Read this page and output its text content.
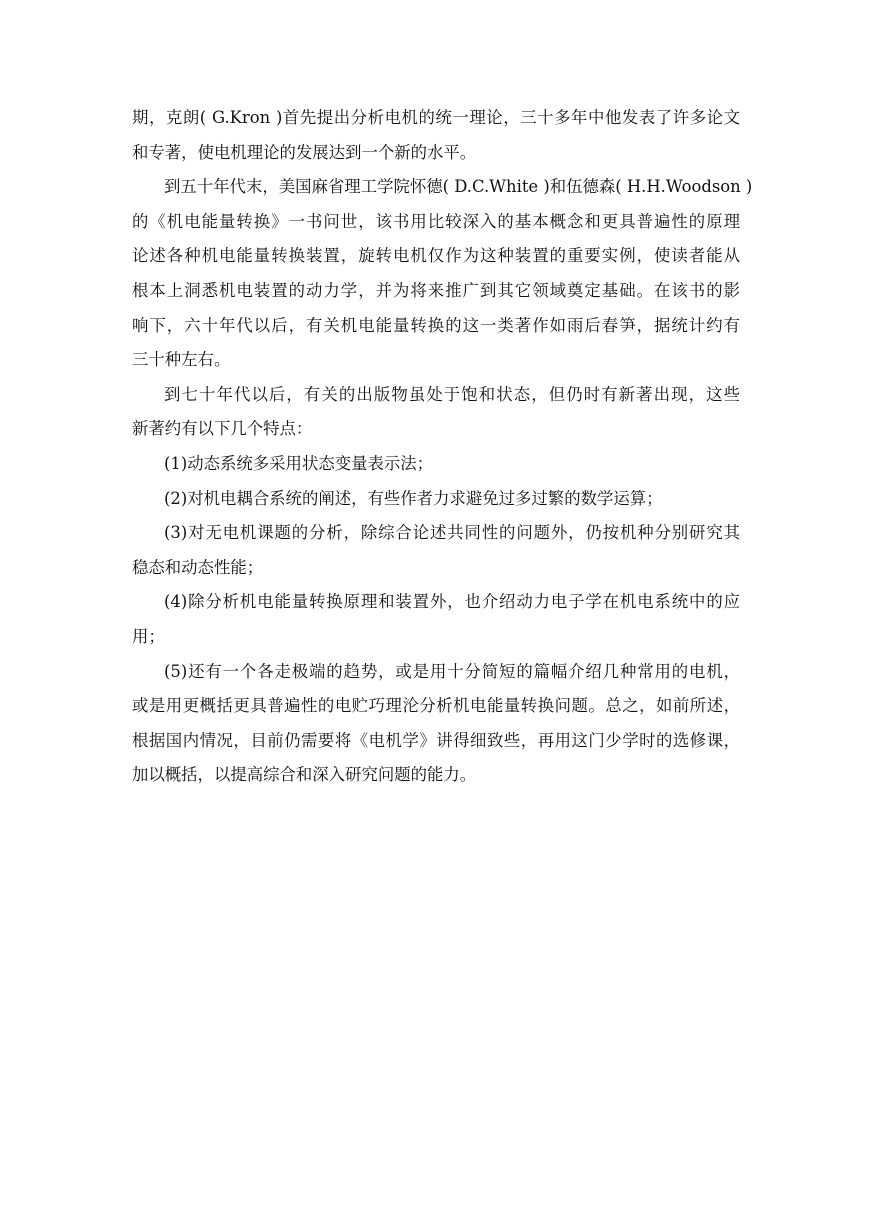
期，克朗( G.Kron )首先提出分析电机的统一理论，三十多年中他发表了许多论文
和专著，使电机理论的发展达到一个新的水平。
到五十年代末，美国麻省理工学院怀德( D.C.White )和伍德森( H.H.Woodson )
的《机电能量转换》一书问世，该书用比较深入的基本概念和更具普遍性的原理
论述各种机电能量转换装置，旋转电机仅作为这种装置的重要实例，使读者能从
根本上洞悉机电装置的动力学，并为将来推广到其它领域奠定基础。在该书的影
响下，六十年代以后，有关机电能量转换的这一类著作如雨后春笋，据统计约有
三十种左右。
到七十年代以后，有关的出版物虽处于饱和状态，但仍时有新著出现，这些
新著约有以下几个特点：
(1)动态系统多采用状态变量表示法；
(2)对机电耦合系统的阐述，有些作者力求避免过多过繁的数学运算；
(3)对无电机课题的分析，除综合论述共同性的问题外，仍按机种分别研究其
稳态和动态性能；
(4)除分析机电能量转换原理和装置外，也介绍动力电子学在机电系统中的应
用；
(5)还有一个各走极端的趋势，或是用十分简短的篇幅介绍几种常用的电机，
或是用更概括更具普遍性的电贮巧理沦分析机电能量转换问题。总之，如前所述，
根据国内情况，目前仍需要将《电机学》讲得细致些，再用这门少学时的选修课，
加以概括，以提高综合和深入研究问题的能力。
